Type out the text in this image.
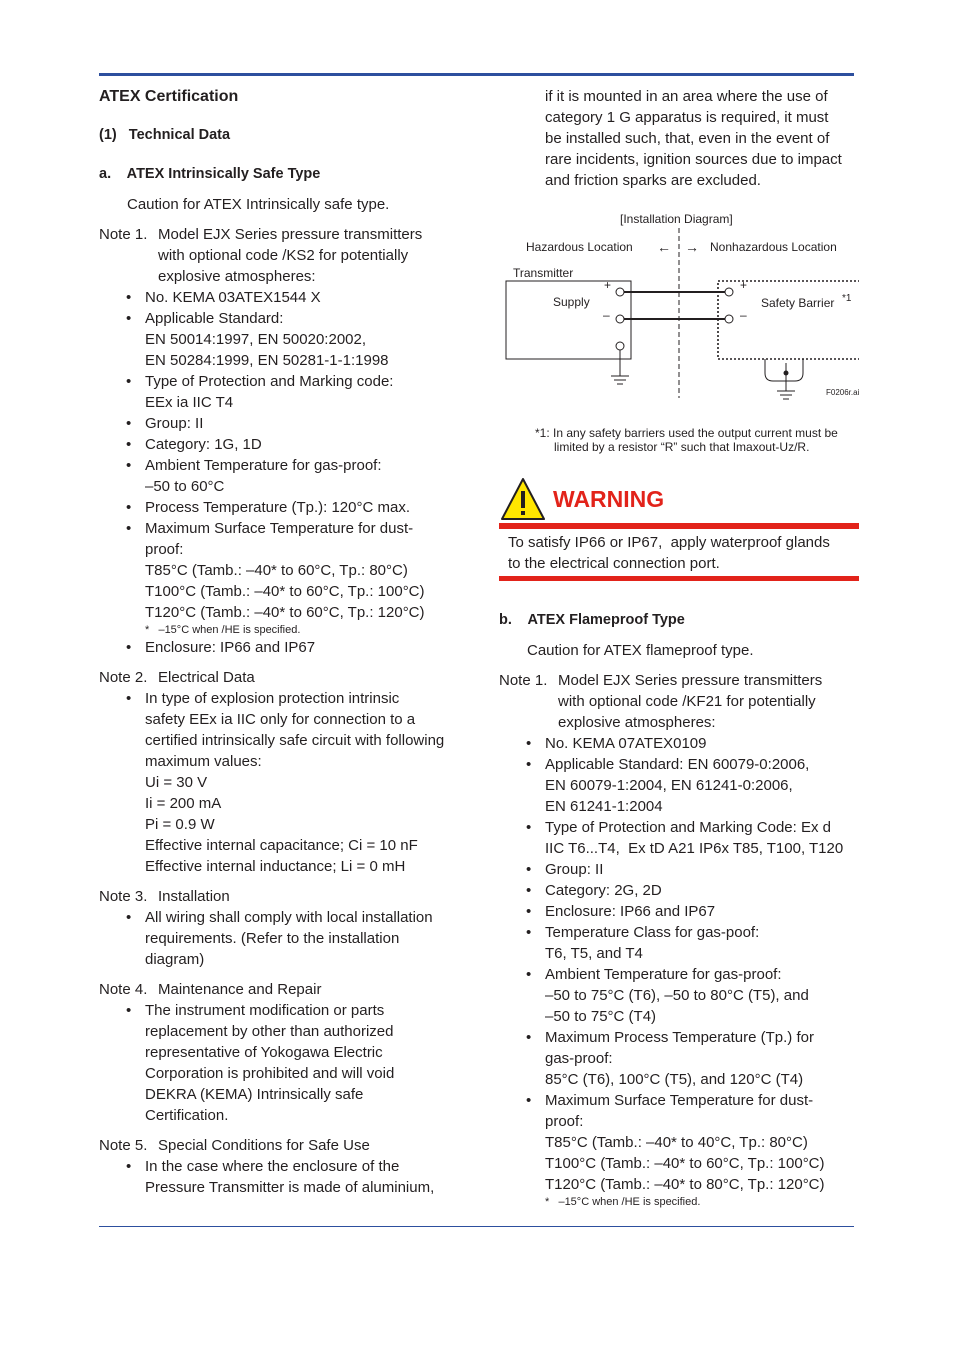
ATEX Certification
(1)   Technical Data
a.    ATEX Intrinsically Safe Type
Caution for ATEX Intrinsically safe type.
Note 1. Model EJX Series pressure transmitters
with optional code /KS2 for potentially
explosive atmospheres:
• No. KEMA 03ATEX1544 X
• Applicable Standard:
EN 50014:1997, EN 50020:2002,
EN 50284:1999, EN 50281-1-1:1998
• Type of Protection and Marking code:
EEx ia IIC T4
• Group: II
• Category: 1G, 1D
• Ambient Temperature for gas-proof:
–50 to 60°C
• Process Temperature (Tp.): 120°C max.
• Maximum Surface Temperature for dust-
proof:
T85°C (Tamb.: –40* to 60°C, Tp.: 80°C)
T100°C (Tamb.: –40* to 60°C, Tp.: 100°C)
T120°C (Tamb.: –40* to 60°C, Tp.: 120°C)
*   –15°C when /HE is specified.
• Enclosure: IP66 and IP67
Note 2. Electrical Data
• In type of explosion protection intrinsic
safety EEx ia IIC only for connection to a
certified intrinsically safe circuit with following
maximum values:
Ui = 30 V
Ii = 200 mA
Pi = 0.9 W
Effective internal capacitance; Ci = 10 nF
Effective internal inductance; Li = 0 mH
Note 3. Installation
• All wiring shall comply with local installation
requirements. (Refer to the installation
diagram)
Note 4. Maintenance and Repair
• The instrument modification or parts
replacement by other than authorized
representative of Yokogawa Electric
Corporation is prohibited and will void
DEKRA (KEMA) Intrinsically safe
Certification.
Note 5. Special Conditions for Safe Use
• In the case where the enclosure of the
Pressure Transmitter is made of aluminium,
if it is mounted in an area where the use of
category 1 G apparatus is required, it must
be installed such, that, even in the event of
rare incidents, ignition sources due to impact
and friction sparks are excluded.
[Installation Diagram]
Hazardous Location ← → Nonhazardous Location
Transmitter
Supply
+
–
+
–
Safety Barrier *1
F0206r.ai
*1: In any safety barriers used the output current must be limited by a resistor “R” such that Imaxout-Uz/R.
WARNING
To satisfy IP66 or IP67,  apply waterproof glands
to the electrical connection port.
b.    ATEX Flameproof Type
Caution for ATEX flameproof type.
Note 1. Model EJX Series pressure transmitters
with optional code /KF21 for potentially
explosive atmospheres:
• No. KEMA 07ATEX0109
• Applicable Standard: EN 60079-0:2006,
EN 60079-1:2004, EN 61241-0:2006,
EN 61241-1:2004
• Type of Protection and Marking Code: Ex d
IIC T6...T4,  Ex tD A21 IP6x T85, T100, T120
• Group: II
• Category: 2G, 2D
• Enclosure: IP66 and IP67
• Temperature Class for gas-poof:
T6, T5, and T4
• Ambient Temperature for gas-proof:
–50 to 75°C (T6), –50 to 80°C (T5), and
–50 to 75°C (T4)
• Maximum Process Temperature (Tp.) for
gas-proof:
85°C (T6), 100°C (T5), and 120°C (T4)
• Maximum Surface Temperature for dust-
proof:
T85°C (Tamb.: –40* to 40°C, Tp.: 80°C)
T100°C (Tamb.: –40* to 60°C, Tp.: 100°C)
T120°C (Tamb.: –40* to 80°C, Tp.: 120°C)
*   –15°C when /HE is specified.
